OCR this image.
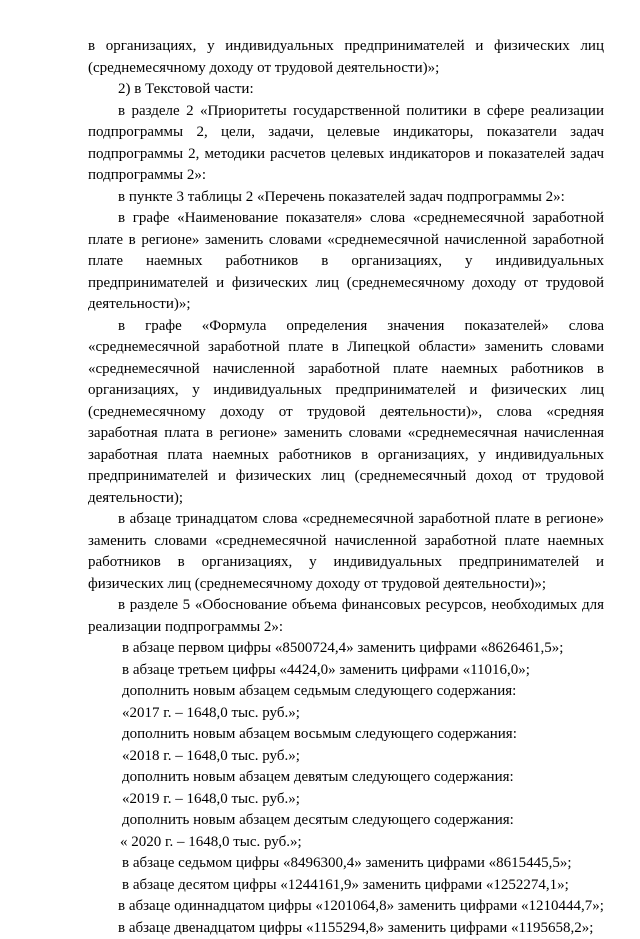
в организациях, у индивидуальных предпринимателей и физических лиц (среднемесячному доходу от трудовой деятельности)»;

2) в Текстовой части:

в разделе 2 «Приоритеты государственной политики в сфере реализации подпрограммы 2, цели, задачи, целевые индикаторы, показатели задач подпрограммы 2, методики расчетов целевых индикаторов и показателей задач подпрограммы 2»:

в пункте 3 таблицы 2 «Перечень показателей задач подпрограммы 2»:

в графе «Наименование показателя» слова «среднемесячной заработной плате в регионе» заменить словами «среднемесячной начисленной заработной плате наемных работников в организациях, у индивидуальных предпринимателей и физических лиц (среднемесячному доходу от трудовой деятельности)»;

в графе «Формула определения значения показателей» слова «среднемесячной заработной плате в Липецкой области» заменить словами «среднемесячной начисленной заработной плате наемных работников в организациях, у индивидуальных предпринимателей и физических лиц (среднемесячному доходу от трудовой деятельности)», слова «средняя заработная плата в регионе» заменить словами «среднемесячная начисленная заработная плата наемных работников в организациях, у индивидуальных предпринимателей и физических лиц (среднемесячный доход от трудовой деятельности);

в абзаце тринадцатом слова «среднемесячной заработной плате в регионе» заменить словами «среднемесячной начисленной заработной плате наемных работников в организациях, у индивидуальных предпринимателей и физических лиц (среднемесячному доходу от трудовой деятельности)»;

в разделе 5 «Обоснование объема финансовых ресурсов, необходимых для реализации подпрограммы 2»:

в абзаце первом цифры «8500724,4» заменить цифрами «8626461,5»;

в абзаце третьем цифры «4424,0» заменить цифрами «11016,0»;

дополнить новым абзацем седьмым следующего содержания:

«2017 г. – 1648,0 тыс. руб.»;

дополнить новым абзацем восьмым следующего содержания:

«2018 г. – 1648,0 тыс. руб.»;

дополнить новым абзацем девятым следующего содержания:

«2019 г. – 1648,0 тыс. руб.»;

дополнить новым абзацем десятым следующего содержания:

« 2020 г. – 1648,0 тыс. руб.»;

в абзаце седьмом цифры «8496300,4» заменить цифрами «8615445,5»;

в абзаце десятом цифры «1244161,9» заменить цифрами «1252274,1»;

в абзаце одиннадцатом цифры «1201064,8» заменить цифрами «1210444,7»;

в абзаце двенадцатом цифры «1155294,8» заменить цифрами «1195658,2»;
